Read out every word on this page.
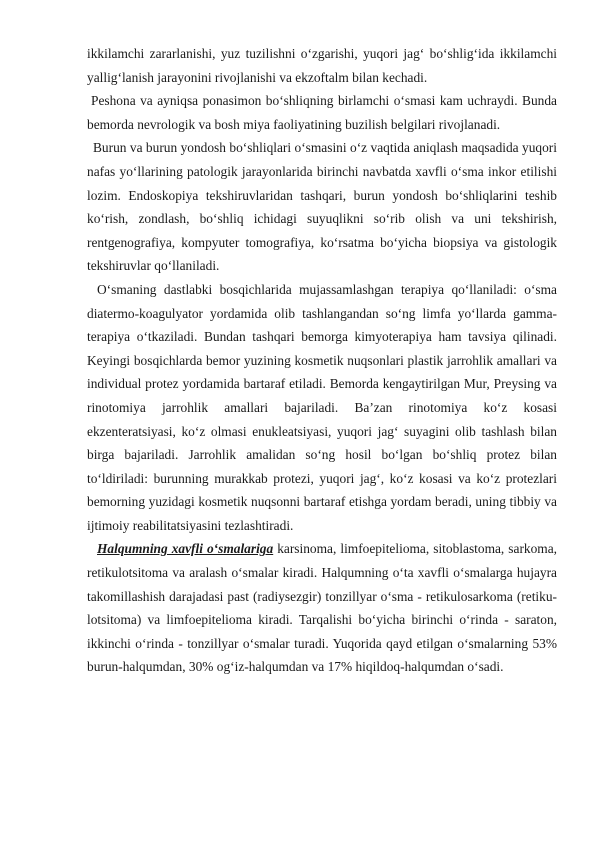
ikkilamchi zararlanishi, yuz tuzilishni o‘zgarishi, yuqori jag‘ bo‘shlig‘ida ikkilamchi yallig‘lanish jarayonini rivojlanishi va ekzoftalm bilan kechadi.

Peshona va ayniqsa ponasimon bo‘shliqning birlamchi o‘smasi kam uchraydi. Bunda bemorda nevrologik va bosh miya faoliyatining buzilish belgilari rivojlanadi.

Burun va burun yondosh bo‘shliqlari o‘smasini o‘z vaqtida aniqlash maqsadida yuqori nafas yo‘llarining patologik jarayonlarida birinchi navbatda xavfli o‘sma inkor etilishi lozim. Endoskopiya tekshiruvlaridan tashqari, burun yondosh bo‘shliqlarini teshib ko‘rish, zondlash, bo‘shliq ichidagi suyuqlikni so‘rib olish va uni tekshirish, rentgenografiya, kompyuter tomografiya, ko‘rsatma bo‘yicha biopsiya va gistologik tekshiruvlar qo‘llaniladi.

O‘smaning dastlabki bosqichlarida mujassamlashgan terapiya qo‘llaniladi: o‘sma diatermo-koagulyator yordamida olib tashlangandan so‘ng limfa yo‘llarda gamma-terapiya o‘tkaziladi. Bundan tashqari bemorga kimyoterapiya ham tavsiya qilinadi. Keyingi bosqichlarda bemor yuzining kosmetik nuqsonlari plastik jarrohlik amallari va individual protez yordamida bartaraf etiladi. Bemorda kengaytirilgan Mur, Preysing va rinotomiya jarrohlik amallari bajariladi. Ba’zan rinotomiya ko‘z kosasi ekzenteratsiyasi, ko‘z olmasi enukleatsiyasi, yuqori jag‘ suyagini olib tashlash bilan birga bajariladi. Jarrohlik amalidan so‘ng hosil bo‘lgan bo‘shliq protez bilan to‘ldiriladi: burunning murakkab protezi, yuqori jag‘, ko‘z kosasi va ko‘z protezlari bemorning yuzidagi kosmetik nuqsonni bartaraf etishga yordam beradi, uning tibbiy va ijtimoiy reabilitatsiyasini tezlashtiradi.

Halqumning xavfli o‘smalariga karsinoma, limfoepitelioma, sitoblastoma, sarkoma, retikulotsitoma va aralash o‘smalar kiradi. Halqumning o‘ta xavfli o‘smalarga hujayra takomillashish darajadasi past (radiysezgir) tonzillyar o‘sma - retikulosarkoma (retiku-lotsitoma) va limfoepitelioma kiradi. Tarqalishi bo‘yicha birinchi o‘rinda - saraton, ikkinchi o‘rinda - tonzillyar o‘smalar turadi. Yuqorida qayd etilgan o‘smalarning 53% burun-halqumdan, 30% og‘iz-halqumdan va 17% hiqildoq-halqumdan o‘sadi.
